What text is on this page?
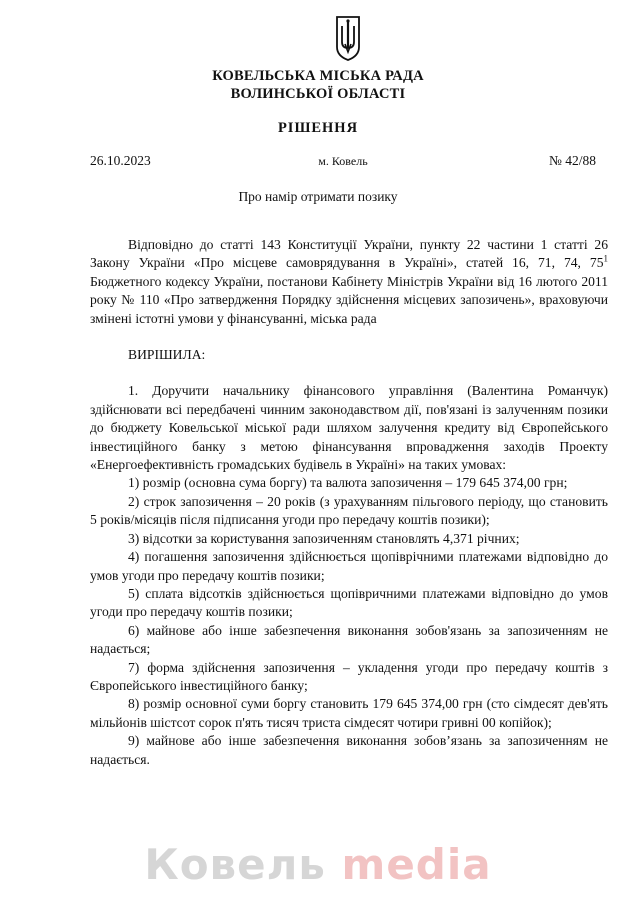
КОВЕЛЬСЬКА МІСЬКА РАДА
ВОЛИНСЬКОЇ ОБЛАСТІ
РІШЕННЯ
26.10.2023	м. Ковель	№ 42/88
Про намір отримати позику

Відповідно до статті 143 Конституції України, пункту 22 частини 1 статті 26 Закону України «Про місцеве самоврядування в Україні», статей 16, 71, 74, $75^1$ Бюджетного кодексу України, постанови Кабінету Міністрів України від 16 лютого 2011 року № 110 «Про затвердження Порядку здійснення місцевих запозичень», враховуючи змінені істотні умови у фінансуванні, міська рада

ВИРІШИЛА:

1. Доручити начальнику фінансового управління (Валентина Романчук) здійснювати всі передбачені чинним законодавством дії, пов'язані із залученням позики до бюджету Ковельської міської ради шляхом залучення кредиту від Європейського інвестиційного банку з метою фінансування впровадження заходів Проекту «Енергоефективність громадських будівель в Україні» на таких умовах:

1) розмір (основна сума боргу) та валюта запозичення – 179 645 374,00 грн;

2) строк запозичення – 20 років (з урахуванням пільгового періоду, що становить 5 років/місяців після підписання угоди про передачу коштів позики);

3) відсотки за користування запозиченням становлять 4,371 річних;

4) погашення запозичення здійснюється щопіврічними платежами відповідно до умов угоди про передачу коштів позики;

5) сплата відсотків здійснюється щопівричними платежами відповідно до умов угоди про передачу коштів позики;

6) майнове або інше забезпечення виконання зобов'язань за запозиченням не надається;

7) форма здійснення запозичення – укладення угоди про передачу коштів з Європейського інвестиційного банку;

8) розмір основної суми боргу становить 179 645 374,00 грн (сто сімдесят дев'ять мільйонів шістсот сорок п'ять тисяч триста сімдесят чотири гривні 00 копійок);

9) майнове або інше забезпечення виконання зобов’язань за запозиченням не надається.

Ковель media
